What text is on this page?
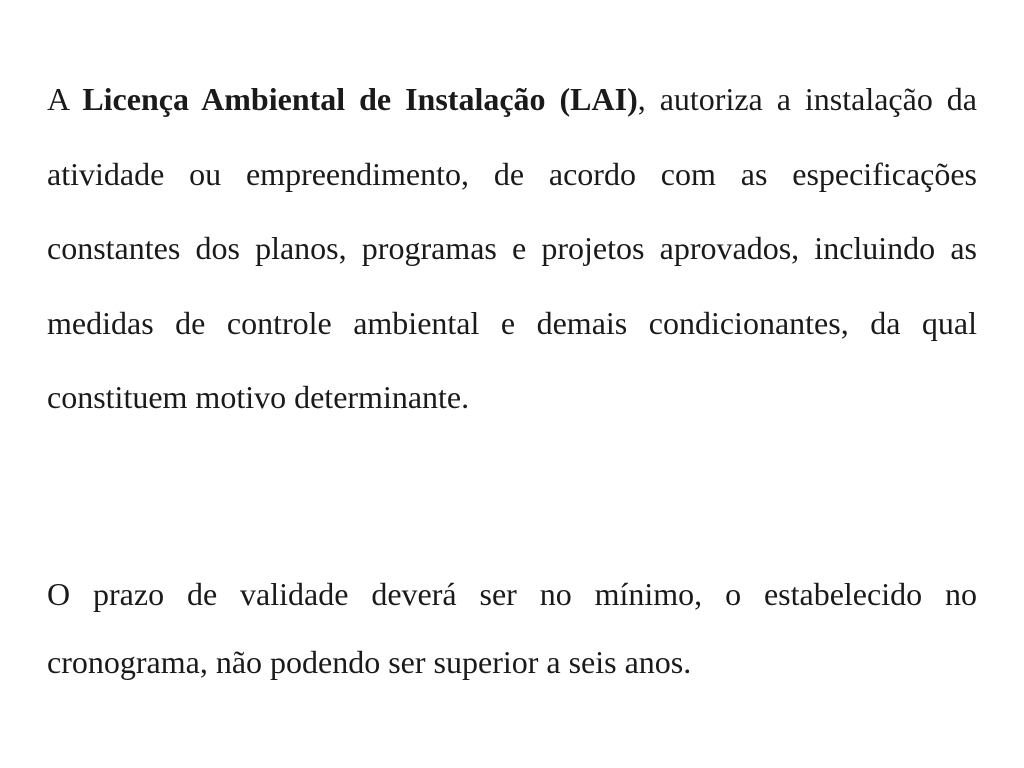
A Licença Ambiental de Instalação (LAI), autoriza a instalação da atividade ou empreendimento, de acordo com as especificações constantes dos planos, programas e projetos aprovados, incluindo as medidas de controle ambiental e demais condicionantes, da qual constituem motivo determinante.

O prazo de validade deverá ser no mínimo, o estabelecido no cronograma, não podendo ser superior a seis anos.
